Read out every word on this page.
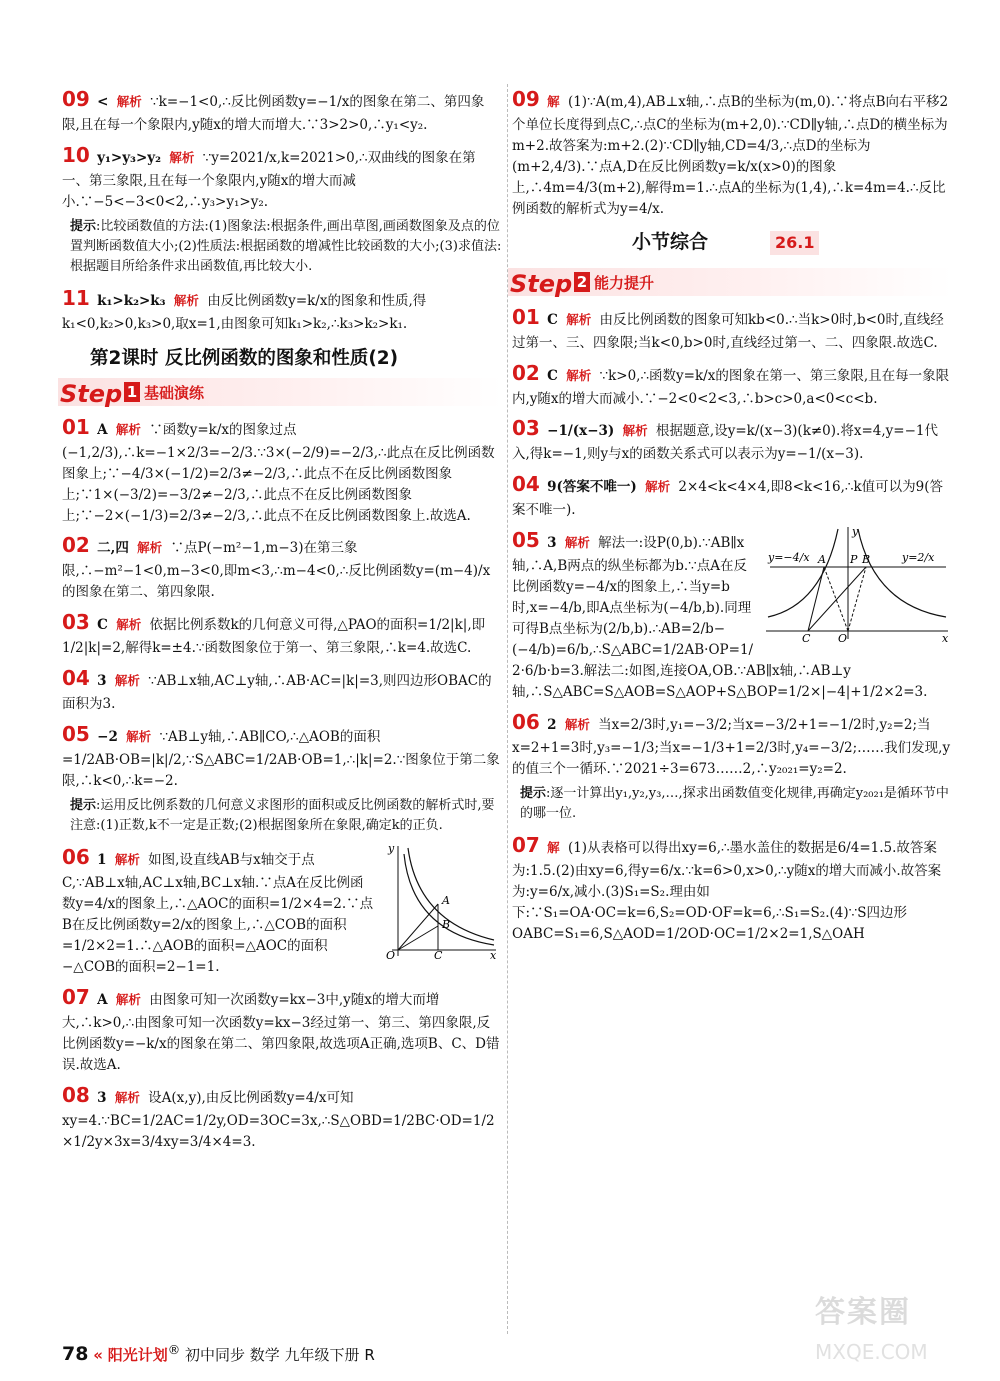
09 < 解析 ∵k=−1<0,∴反比例函数y=−1/x的图象在第二、第四象限,且在每一个象限内,y随x的增大而增大.∵3>2>0,∴y₁<y₂.
10 y₁>y₃>y₂ 解析 ∵y=2021/x,k=2021>0,∴双曲线的图象在第一、第三象限,且在每一个象限内,y随x的增大而减小.∵−5<−3<0<2,∴y₃>y₁>y₂.
提示:比较函数值的方法:(1)图象法:根据条件,画出草图,画函数图象及点的位置判断函数值大小;(2)性质法:根据函数的增减性比较函数的大小;(3)求值法:根据题目所给条件求出函数值,再比较大小.
11 k₁>k₂>k₃ 解析 由反比例函数y=k/x的图象和性质,得k₁<0,k₂>0,k₃>0,取x=1,由图象可知k₁>k₂,∴k₃>k₂>k₁.
第2课时 反比例函数的图象和性质(2)
Step 1 基础演练
01 A 解析 ∵函数y=k/x的图象过点(−1,2/3),∴k=−1×2/3=−2/3.∵3×(−2/9)=−2/3,∴此点在反比例函数图象上;∵−4/3×(−1/2)=2/3≠−2/3,∴此点不在反比例函数图象上;∵1×(−3/2)=−3/2≠−2/3,∴此点不在反比例函数图象上;∵−2×(−1/3)=2/3≠−2/3,∴此点不在反比例函数图象上.故选A.
02 二,四 解析 ∵点P(−m²−1,m−3)在第三象限,∴−m²−1<0,m−3<0,即m<3,∴m−4<0,∴反比例函数y=(m−4)/x的图象在第二、第四象限.
03 C 解析 依据比例系数k的几何意义可得,△PAO的面积=1/2|k|,即1/2|k|=2,解得k=±4.∵函数图象位于第一、第三象限,∴k=4.故选C.
04 3 解析 ∵AB⊥x轴,AC⊥y轴,∴AB·AC=|k|=3,则四边形OBAC的面积为3.
05 −2 解析 ∵AB⊥y轴,∴AB∥CO,∴△AOB的面积=1/2AB·OB=|k|/2,∵S△ABC=1/2AB·OB=1,∴|k|=2.∵图象位于第二象限,∴k<0,∴k=−2.
提示:运用反比例系数的几何意义求图形的面积或反比例函数的解析式时,要注意:(1)正数,k不一定是正数;(2)根据图象所在象限,确定k的正负.
y
x
O	C
A
B
06 1 解析 如图,设直线AB与x轴交于点C,∵AB⊥x轴,AC⊥x轴,BC⊥x轴.∵点A在反比例函数y=4/x的图象上,∴△AOC的面积=1/2×4=2.∵点B在反比例函数y=2/x的图象上,∴△COB的面积=1/2×2=1.∴△AOB的面积=△AOC的面积−△COB的面积=2−1=1.
07 A 解析 由图象可知一次函数y=kx−3中,y随x的增大而增大,∴k>0,∴由图象可知一次函数y=kx−3经过第一、第三、第四象限,反比例函数y=−k/x的图象在第二、第四象限,故选项A正确,选项B、C、D错误.故选A.
08 3 解析 设A(x,y),由反比例函数y=4/x可知xy=4.∵BC=1/2AC=1/2y,OD=3OC=3x,∴S△OBD=1/2BC·OD=1/2×1/2y×3x=3/4xy=3/4×4=3.
09 解 (1)∵A(m,4),AB⊥x轴,∴点B的坐标为(m,0).∵将点B向右平移2个单位长度得到点C,∴点C的坐标为(m+2,0).∵CD∥y轴,∴点D的横坐标为m+2.故答案为:m+2.(2)∵CD∥y轴,CD=4/3,∴点D的坐标为(m+2,4/3).∵点A,D在反比例函数y=k/x(x>0)的图象上,∴4m=4/3(m+2),解得m=1.∴点A的坐标为(1,4),∴k=4m=4.∴反比例函数的解析式为y=4/x.
小节综合	26.1
Step 2 能力提升
01 C 解析 由反比例函数的图象可知kb<0.∴当k>0时,b<0时,直线经过第一、三、四象限;当k<0,b>0时,直线经过第一、二、四象限.故选C.
02 C 解析 ∵k>0,∴函数y=k/x的图象在第一、第三象限,且在每一象限内,y随x的增大而减小.∵−2<0<2<3,∴b>c>0,a<0<c<b.
03 −1/(x−3) 解析 根据题意,设y=k/(x−3)(k≠0).将x=4,y=−1代入,得k=−1,则y与x的函数关系式可以表示为y=−1/(x−3).
04 9(答案不唯一) 解析 2×4<k<4×4,即8<k<16,∴k值可以为9(答案不唯一).
y=−4/x	y=2/x
A P B
C	O	x
y
05 3 解析 解法一:设P(0,b).∵AB∥x轴,∴A,B两点的纵坐标都为b.∵点A在反比例函数y=−4/x的图象上,∴当y=b时,x=−4/b,即A点坐标为(−4/b,b).同理可得B点坐标为(2/b,b).∴AB=2/b−(−4/b)=6/b,∴S△ABC=1/2AB·OP=1/2·6/b·b=3.解法二:如图,连接OA,OB.∵AB∥x轴,∴AB⊥y轴,∴S△ABC=S△AOB=S△AOP+S△BOP=1/2×|−4|+1/2×2=3.
06 2 解析 当x=2/3时,y₁=−3/2;当x=−3/2+1=−1/2时,y₂=2;当x=2+1=3时,y₃=−1/3;当x=−1/3+1=2/3时,y₄=−3/2;……我们发现,y的值三个一循环.∵2021÷3=673……2,∴y₂₀₂₁=y₂=2.
提示:逐一计算出y₁,y₂,y₃,…,探求出函数值变化规律,再确定y₂₀₂₁是循环节中的哪一位.
07 解 (1)从表格可以得出xy=6,∴墨水盖住的数据是6/4=1.5.故答案为:1.5.(2)由xy=6,得y=6/x.∵k=6>0,x>0,∴y随x的增大而减小.故答案为:y=6/x,减小.(3)S₁=S₂.理由如下:∵S₁=OA·OC=k=6,S₂=OD·OF=k=6,∴S₁=S₂.(4)∵S四边形OABC=S₁=6,S△AOD=1/2OD·OC=1/2×2=1,S△OAH
78 « 阳光计划® 初中同步 数学 九年级下册 R
答案圈
MXQE.COM
